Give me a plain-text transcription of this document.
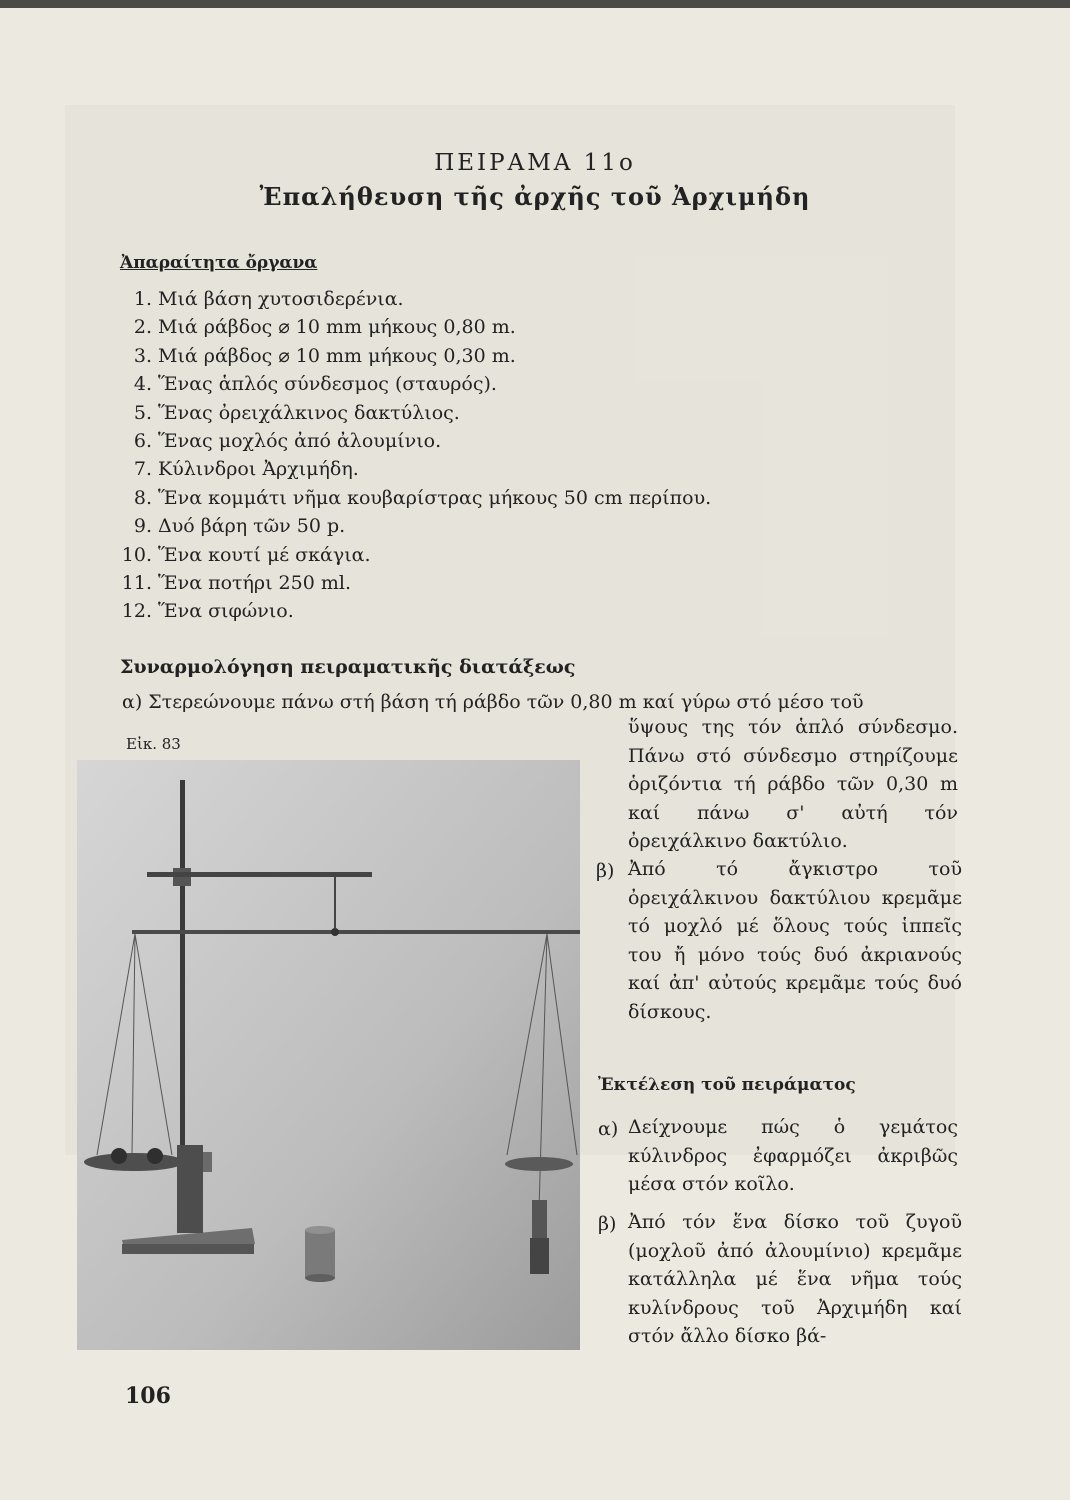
ΠΕΙΡΑΜΑ 11ο
Ἐπαλήθευση τῆς ἀρχῆς τοῦ Ἀρχιμήδη
Ἀπαραίτητα ὄργανα
1. Μιά βάση χυτοσιδερένια.
2. Μιά ράβδος ⌀ 10 mm μήκους 0,80 m.
3. Μιά ράβδος ⌀ 10 mm μήκους 0,30 m.
4. Ἕνας ἁπλός σύνδεσμος (σταυρός).
5. Ἕνας ὀρειχάλκινος δακτύλιος.
6. Ἕνας μοχλός ἀπό ἀλουμίνιο.
7. Κύλινδροι Ἀρχιμήδη.
8. Ἕνα κομμάτι νῆμα κουβαρίστρας μήκους 50 cm περίπου.
9. Δυό βάρη τῶν 50 p.
10. Ἕνα κουτί μέ σκάγια.
11. Ἕνα ποτήρι 250 ml.
12. Ἕνα σιφώνιο.
Συναρμολόγηση πειραματικῆς διατάξεως
α) Στερεώνουμε πάνω στή βάση τή ράβδο τῶν 0,80 m καί γύρω στό μέσο τοῦ
ὕψους της τόν ἁπλό σύνδεσμο. Πάνω στό σύνδεσμο στηρίζουμε ὁριζόντια τή ράβδο τῶν 0,30 m καί πάνω σ' αὐτή τόν ὀρειχάλκινο δακτύλιο.
β) Ἀπό τό ἄγκιστρο τοῦ ὀρειχάλκινου δακτύλιου κρεμᾶμε τό μοχλό μέ ὅλους τούς ἱππεῖς του ἤ μόνο τούς δυό ἀκριανούς καί ἀπ' αὐτούς κρεμᾶμε τούς δυό δίσκους.
Εἰκ. 83
Ἐκτέλεση τοῦ πειράματος
α) Δείχνουμε πώς ὁ γεμάτος κύλινδρος ἐφαρμόζει ἀκριβῶς μέσα στόν κοῖλο.
β) Ἀπό τόν ἕνα δίσκο τοῦ ζυγοῦ (μοχλοῦ ἀπό ἀλουμίνιο) κρεμᾶμε κατάλληλα μέ ἕνα νῆμα τούς κυλίνδρους τοῦ Ἀρχιμήδη καί στόν ἄλλο δίσκο βά-
106
